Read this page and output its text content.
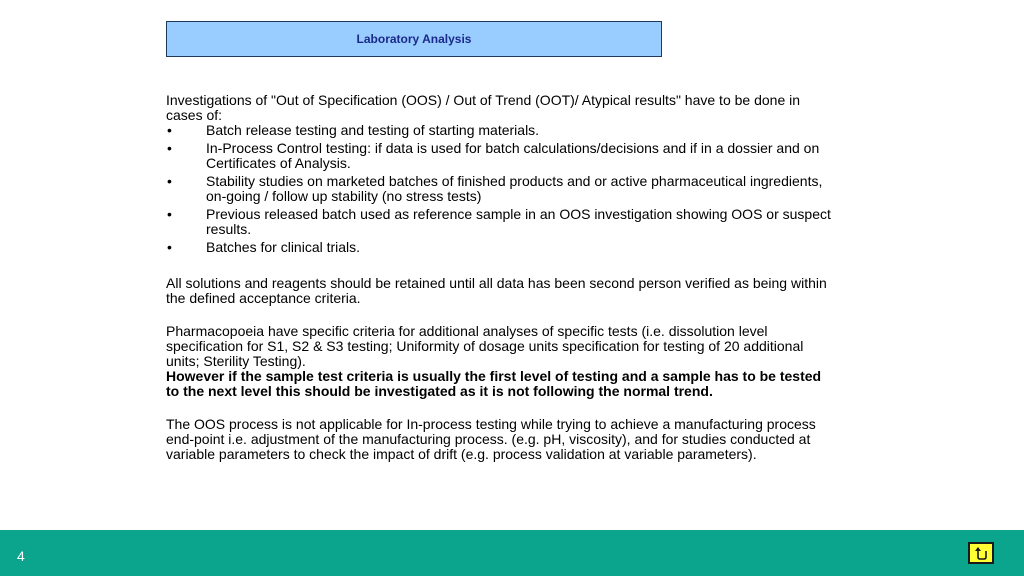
Laboratory Analysis

Investigations of "Out of Specification (OOS) / Out of Trend (OOT)/ Atypical results" have to be done in cases of:

• Batch release testing and testing of starting materials.
• In-Process Control testing: if data is used for batch calculations/decisions and if in a dossier and on Certificates of Analysis.
• Stability studies on marketed batches of finished products and or active pharmaceutical ingredients, on-going / follow up stability (no stress tests)
• Previous released batch used as reference sample in an OOS investigation showing OOS or suspect results.
• Batches for clinical trials.

All solutions and reagents should be retained until all data has been second person verified as being within the defined acceptance criteria.

Pharmacopoeia have specific criteria for additional analyses of specific tests (i.e. dissolution level specification for S1, S2 & S3 testing; Uniformity of dosage units specification for testing of 20 additional units; Sterility Testing).

However if the sample test criteria is usually the first level of testing and a sample has to be tested to the next level this should be investigated as it is not following the normal trend.

The OOS process is not applicable for In-process testing while trying to achieve a manufacturing process end-point i.e. adjustment of the manufacturing process. (e.g. pH, viscosity), and for studies conducted at variable parameters to check the impact of drift (e.g. process validation at variable parameters).

4
